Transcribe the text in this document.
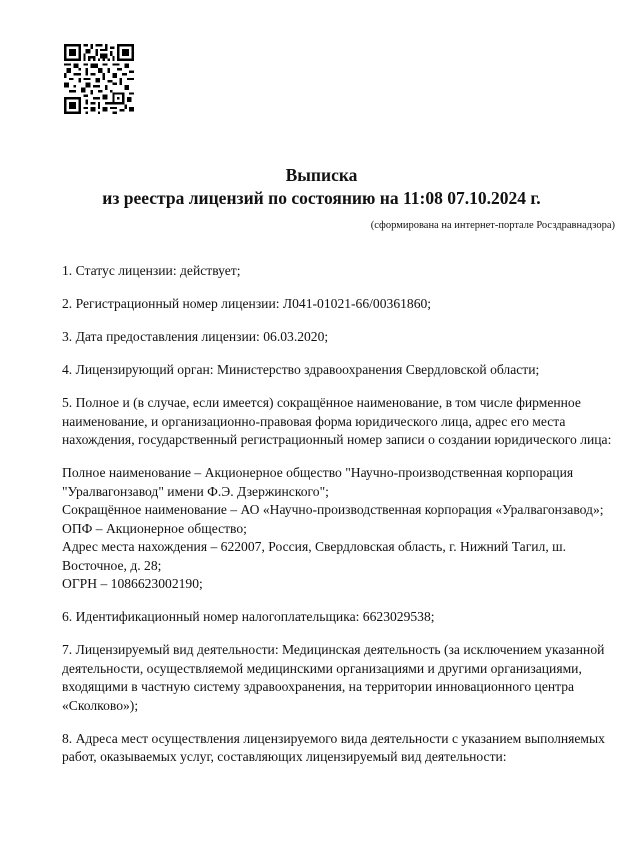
Выписка
из реестра лицензий по состоянию на 11:08 07.10.2024 г.
(сформирована на интернет-портале Росздравнадзора)

1. Статус лицензии: действует;

2. Регистрационный номер лицензии: Л041-01021-66/00361860;

3. Дата предоставления лицензии: 06.03.2020;

4. Лицензирующий орган: Министерство здравоохранения Свердловской области;

5. Полное и (в случае, если имеется) сокращённое наименование, в том числе фирменное
наименование, и организационно-правовая форма юридического лица, адрес его места
нахождения, государственный регистрационный номер записи о создании юридического лица:

Полное наименование – Акционерное общество "Научно-производственная корпорация
"Уралвагонзавод" имени Ф.Э. Дзержинского";
Сокращённое наименование – АО «Научно-производственная корпорация «Уралвагонзавод»;
ОПФ – Акционерное общество;
Адрес места нахождения – 622007, Россия, Свердловская область, г. Нижний Тагил, ш.
Восточное, д. 28;
ОГРН – 1086623002190;

6. Идентификационный номер налогоплательщика: 6623029538;

7. Лицензируемый вид деятельности: Медицинская деятельность (за исключением указанной
деятельности, осуществляемой медицинскими организациями и другими организациями,
входящими в частную систему здравоохранения, на территории инновационного центра
«Сколково»);

8. Адреса мест осуществления лицензируемого вида деятельности с указанием выполняемых
работ, оказываемых услуг, составляющих лицензируемый вид деятельности:
